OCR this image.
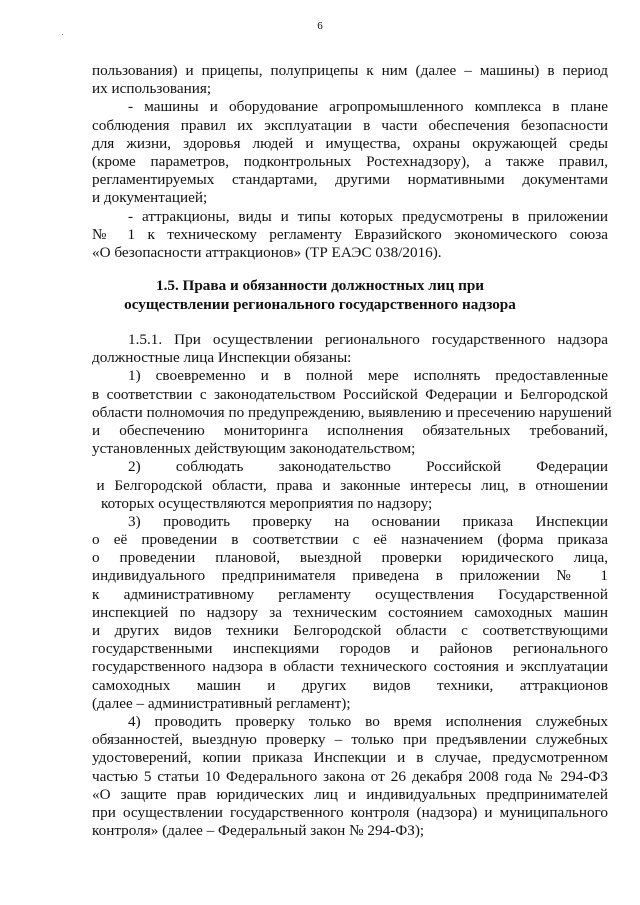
6
пользования) и прицепы, полуприцепы к ним (далее – машины) в период
их использования;
- машины и оборудование агропромышленного комплекса в плане
соблюдения правил их эксплуатации в части обеспечения безопасности
для жизни, здоровья людей и имущества, охраны окружающей среды
(кроме параметров, подконтрольных Ростехнадзору), а также правил,
регламентируемых стандартами, другими нормативными документами
и документацией;
- аттракционы, виды и типы которых предусмотрены в приложении
№ 1 к техническому регламенту Евразийского экономического союза
«О безопасности аттракционов» (ТР ЕАЭС 038/2016).
1.5. Права и обязанности должностных лиц при
осуществлении регионального государственного надзора
1.5.1. При осуществлении регионального государственного надзора
должностные лица Инспекции обязаны:
1) своевременно и в полной мере исполнять предоставленные
в соответствии с законодательством Российской Федерации и Белгородской
области полномочия по предупреждению, выявлению и пресечению нарушений
и обеспечению мониторинга исполнения обязательных требований,
установленных действующим законодательством;
2) соблюдать законодательство Российской Федерации
и Белгородской области, права и законные интересы лиц, в отношении
которых осуществляются мероприятия по надзору;
3) проводить проверку на основании приказа Инспекции
о её проведении в соответствии с её назначением (форма приказа
о проведении плановой, выездной проверки юридического лица,
индивидуального предпринимателя приведена в приложении № 1
к административному регламенту осуществления Государственной
инспекцией по надзору за техническим состоянием самоходных машин
и других видов техники Белгородской области с соответствующими
государственными инспекциями городов и районов регионального
государственного надзора в области технического состояния и эксплуатации
самоходных машин и других видов техники, аттракционов
(далее – административный регламент);
4) проводить проверку только во время исполнения служебных
обязанностей, выездную проверку – только при предъявлении служебных
удостоверений, копии приказа Инспекции и в случае, предусмотренном
частью 5 статьи 10 Федерального закона от 26 декабря 2008 года № 294-ФЗ
«О защите прав юридических лиц и индивидуальных предпринимателей
при осуществлении государственного контроля (надзора) и муниципального
контроля» (далее – Федеральный закон № 294-ФЗ);
